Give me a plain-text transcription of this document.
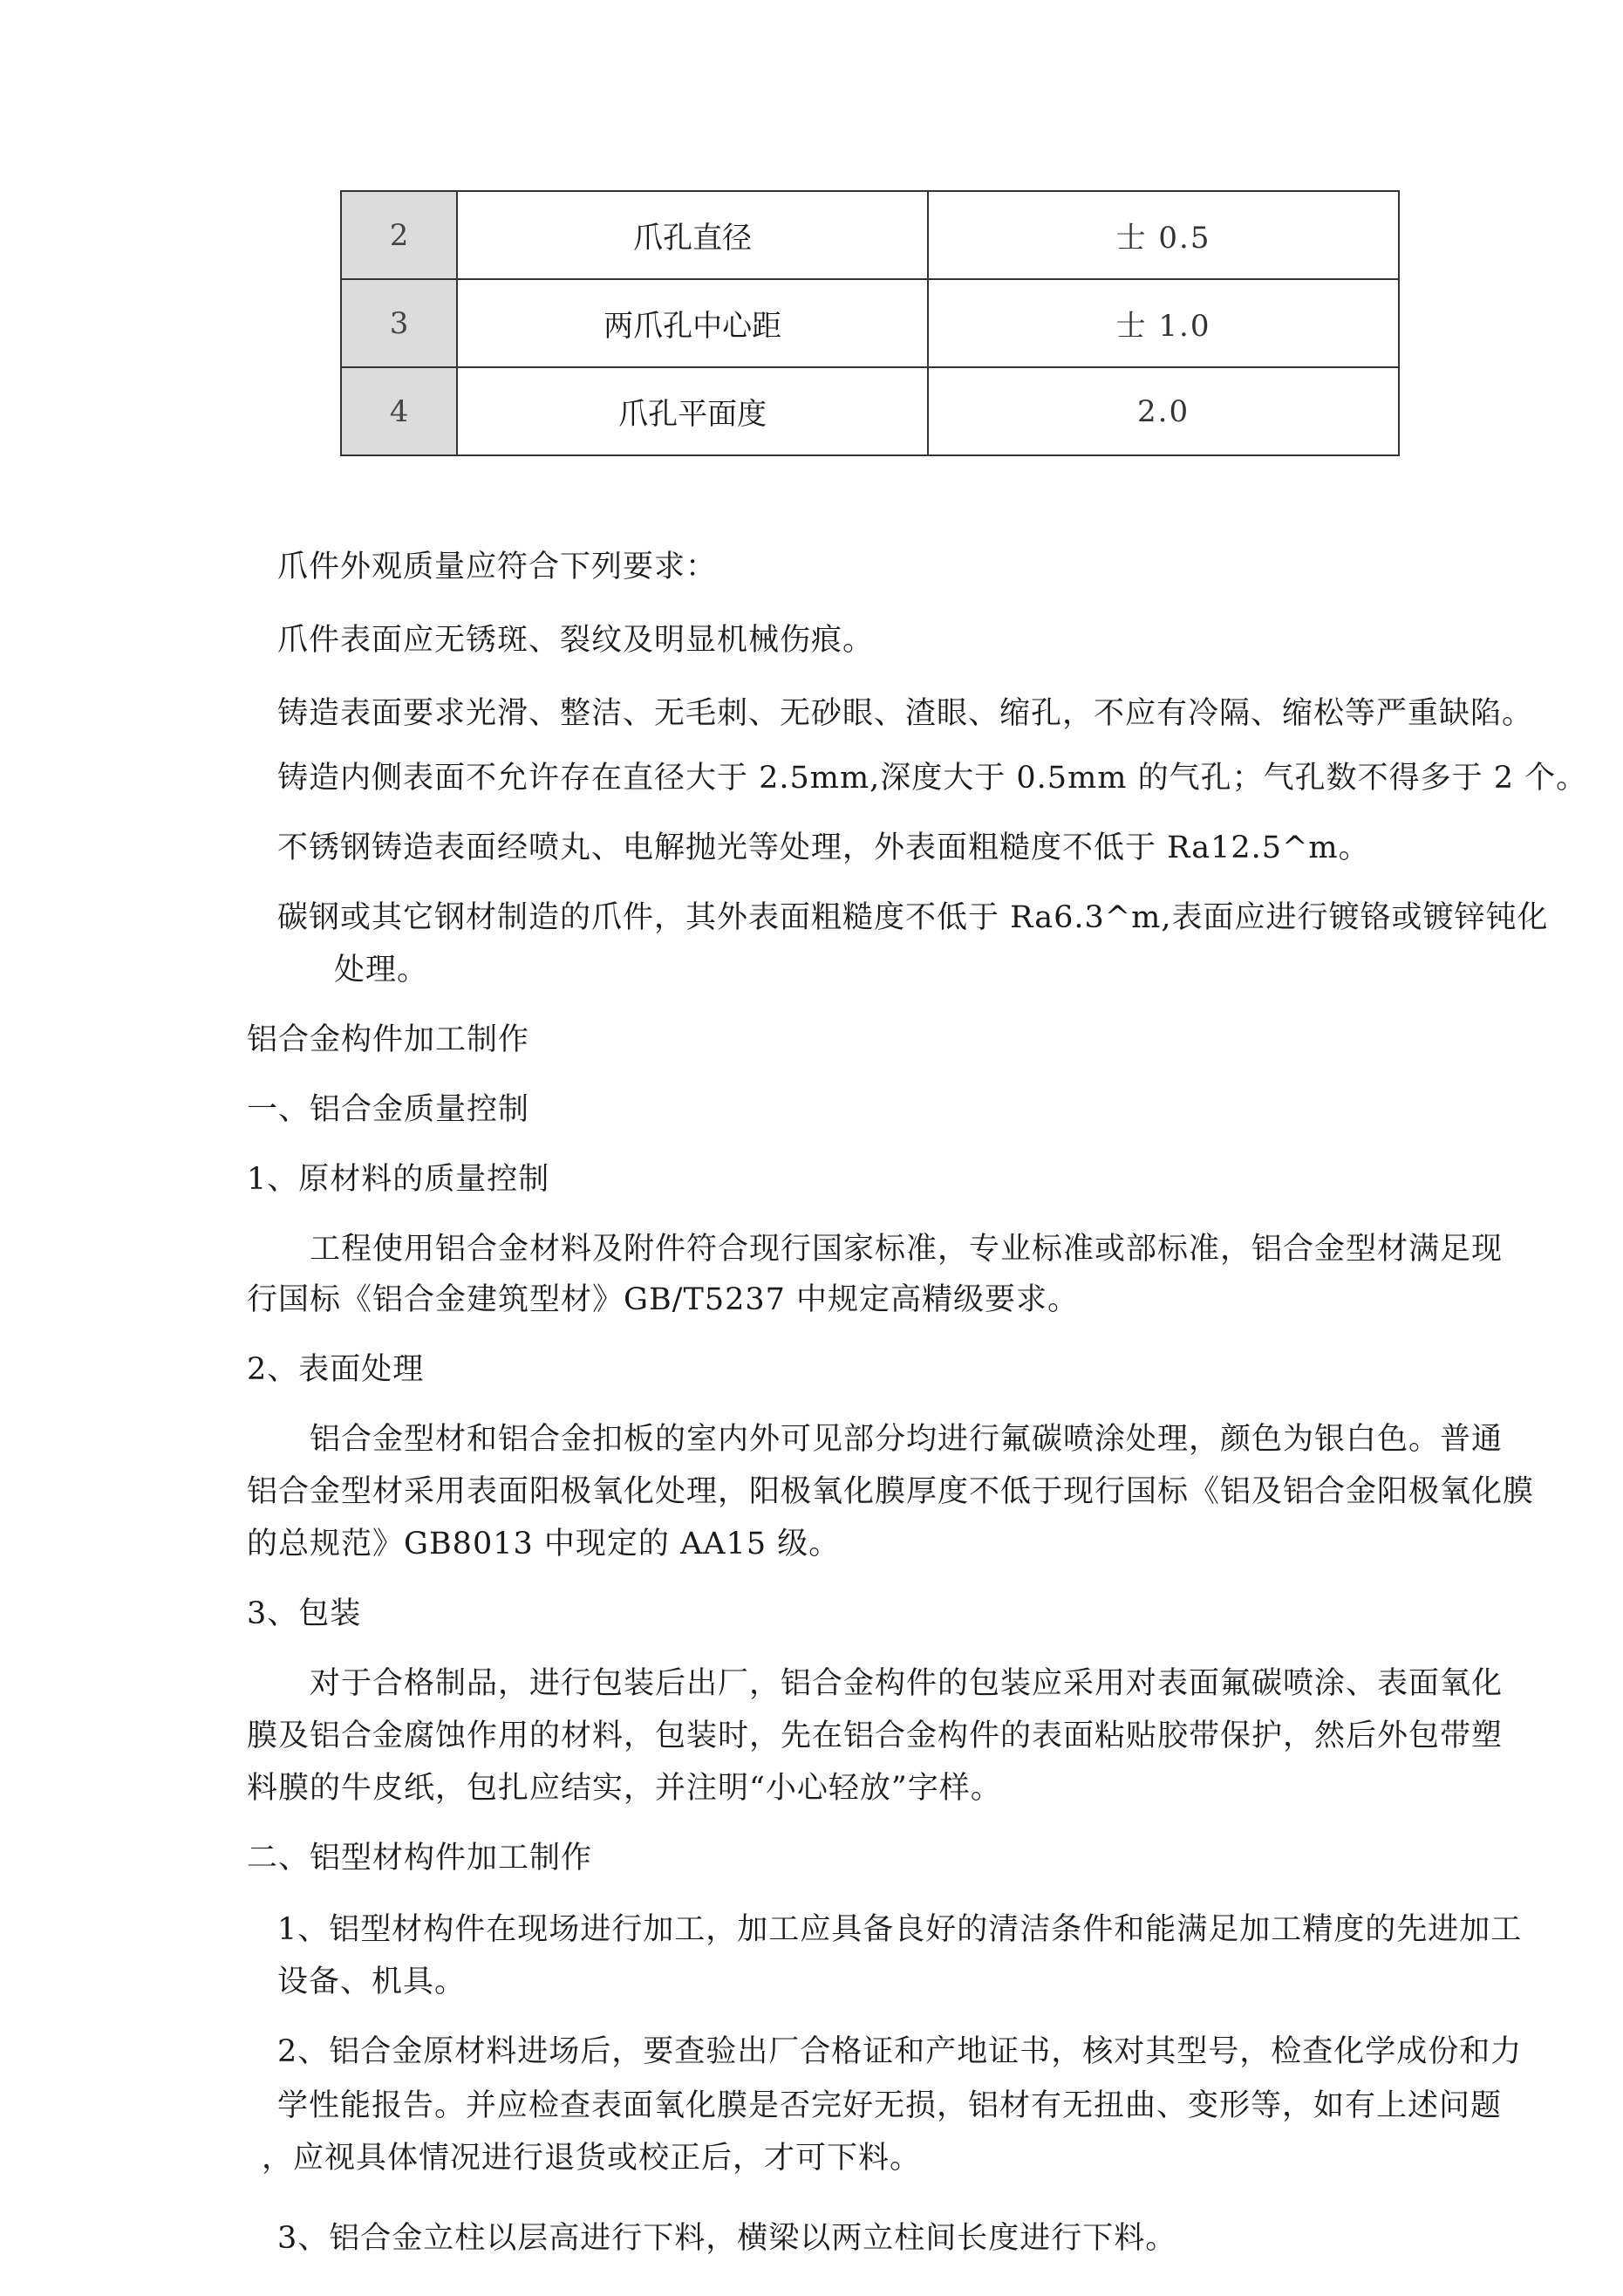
2	爪孔直径	士 0.5
3	两爪孔中心距	士 1.0
4	爪孔平面度	2.0
爪件外观质量应符合下列要求：
爪件表面应无锈斑、裂纹及明显机械伤痕。
铸造表面要求光滑、整洁、无毛刺、无砂眼、渣眼、缩孔，不应有冷隔、缩松等严重缺陷。
铸造内侧表面不允许存在直径大于 2.5mm,深度大于 0.5mm 的气孔；气孔数不得多于 2 个。
不锈钢铸造表面经喷丸、电解抛光等处理，外表面粗糙度不低于 Ra12.5^m。
碳钢或其它钢材制造的爪件，其外表面粗糙度不低于 Ra6.3^m,表面应进行镀铬或镀锌钝化
处理。
铝合金构件加工制作
一、铝合金质量控制
1、原材料的质量控制
工程使用铝合金材料及附件符合现行国家标准，专业标准或部标准，铝合金型材满足现
行国标《铝合金建筑型材》GB/T5237 中规定高精级要求。
2、表面处理
铝合金型材和铝合金扣板的室内外可见部分均进行氟碳喷涂处理，颜色为银白色。普通
铝合金型材采用表面阳极氧化处理，阳极氧化膜厚度不低于现行国标《铝及铝合金阳极氧化膜
的总规范》GB8013 中现定的 AA15 级。
3、包装
对于合格制品，进行包装后出厂，铝合金构件的包装应采用对表面氟碳喷涂、表面氧化
膜及铝合金腐蚀作用的材料，包装时，先在铝合金构件的表面粘贴胶带保护，然后外包带塑
料膜的牛皮纸，包扎应结实，并注明“小心轻放”字样。
二、铝型材构件加工制作
1、铝型材构件在现场进行加工，加工应具备良好的清洁条件和能满足加工精度的先进加工
设备、机具。
2、铝合金原材料进场后，要查验出厂合格证和产地证书，核对其型号，检查化学成份和力
学性能报告。并应检查表面氧化膜是否完好无损，铝材有无扭曲、变形等，如有上述问题
，应视具体情况进行退货或校正后，才可下料。
3、铝合金立柱以层高进行下料，横梁以两立柱间长度进行下料。
